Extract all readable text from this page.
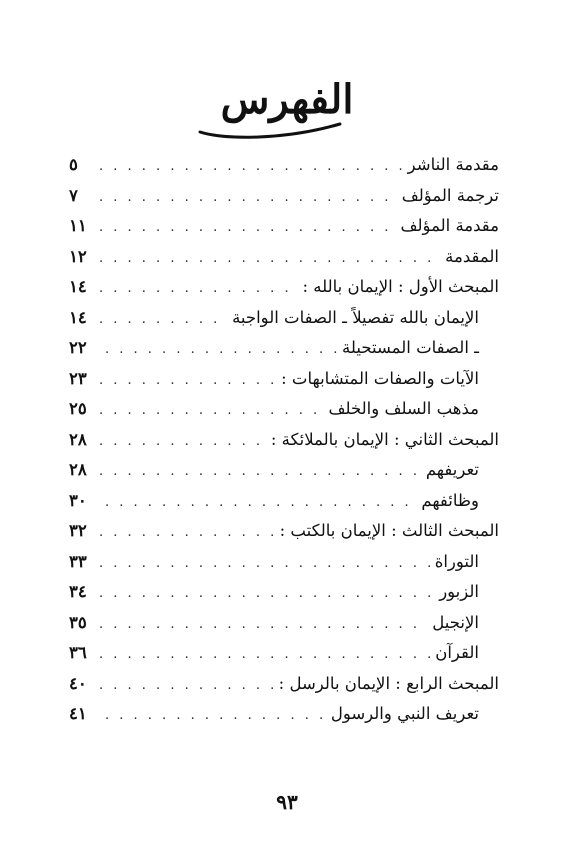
الفهرس
مقدمة الناشر
. . .
٥
ترجمة المؤلف
. . .
٧
مقدمة المؤلف
. . .
١١
المقدمة
. . .
١٢
المبحث الأول : الإيمان بالله :
. . .
١٤
الإيمان بالله تفصيلاً ـ الصفات الواجبة
. . .
١٤
ـ الصفات المستحيلة
. . .
٢٢
الآيات والصفات المتشابهات :
. . .
٢٣
مذهب السلف والخلف
. . .
٢٥
المبحث الثاني : الإيمان بالملائكة :
. . .
٢٨
تعريفهم
. . .
٢٨
وظائفهم
. . .
٣٠
المبحث الثالث : الإيمان بالكتب :
. . .
٣٢
التوراة
. . .
٣٣
الزبور
. . .
٣٤
الإنجيل
. . .
٣٥
القرآن
. . .
٣٦
المبحث الرابع : الإيمان بالرسل :
. . .
٤٠
تعريف النبي والرسول
. . .
٤١
٩٣
